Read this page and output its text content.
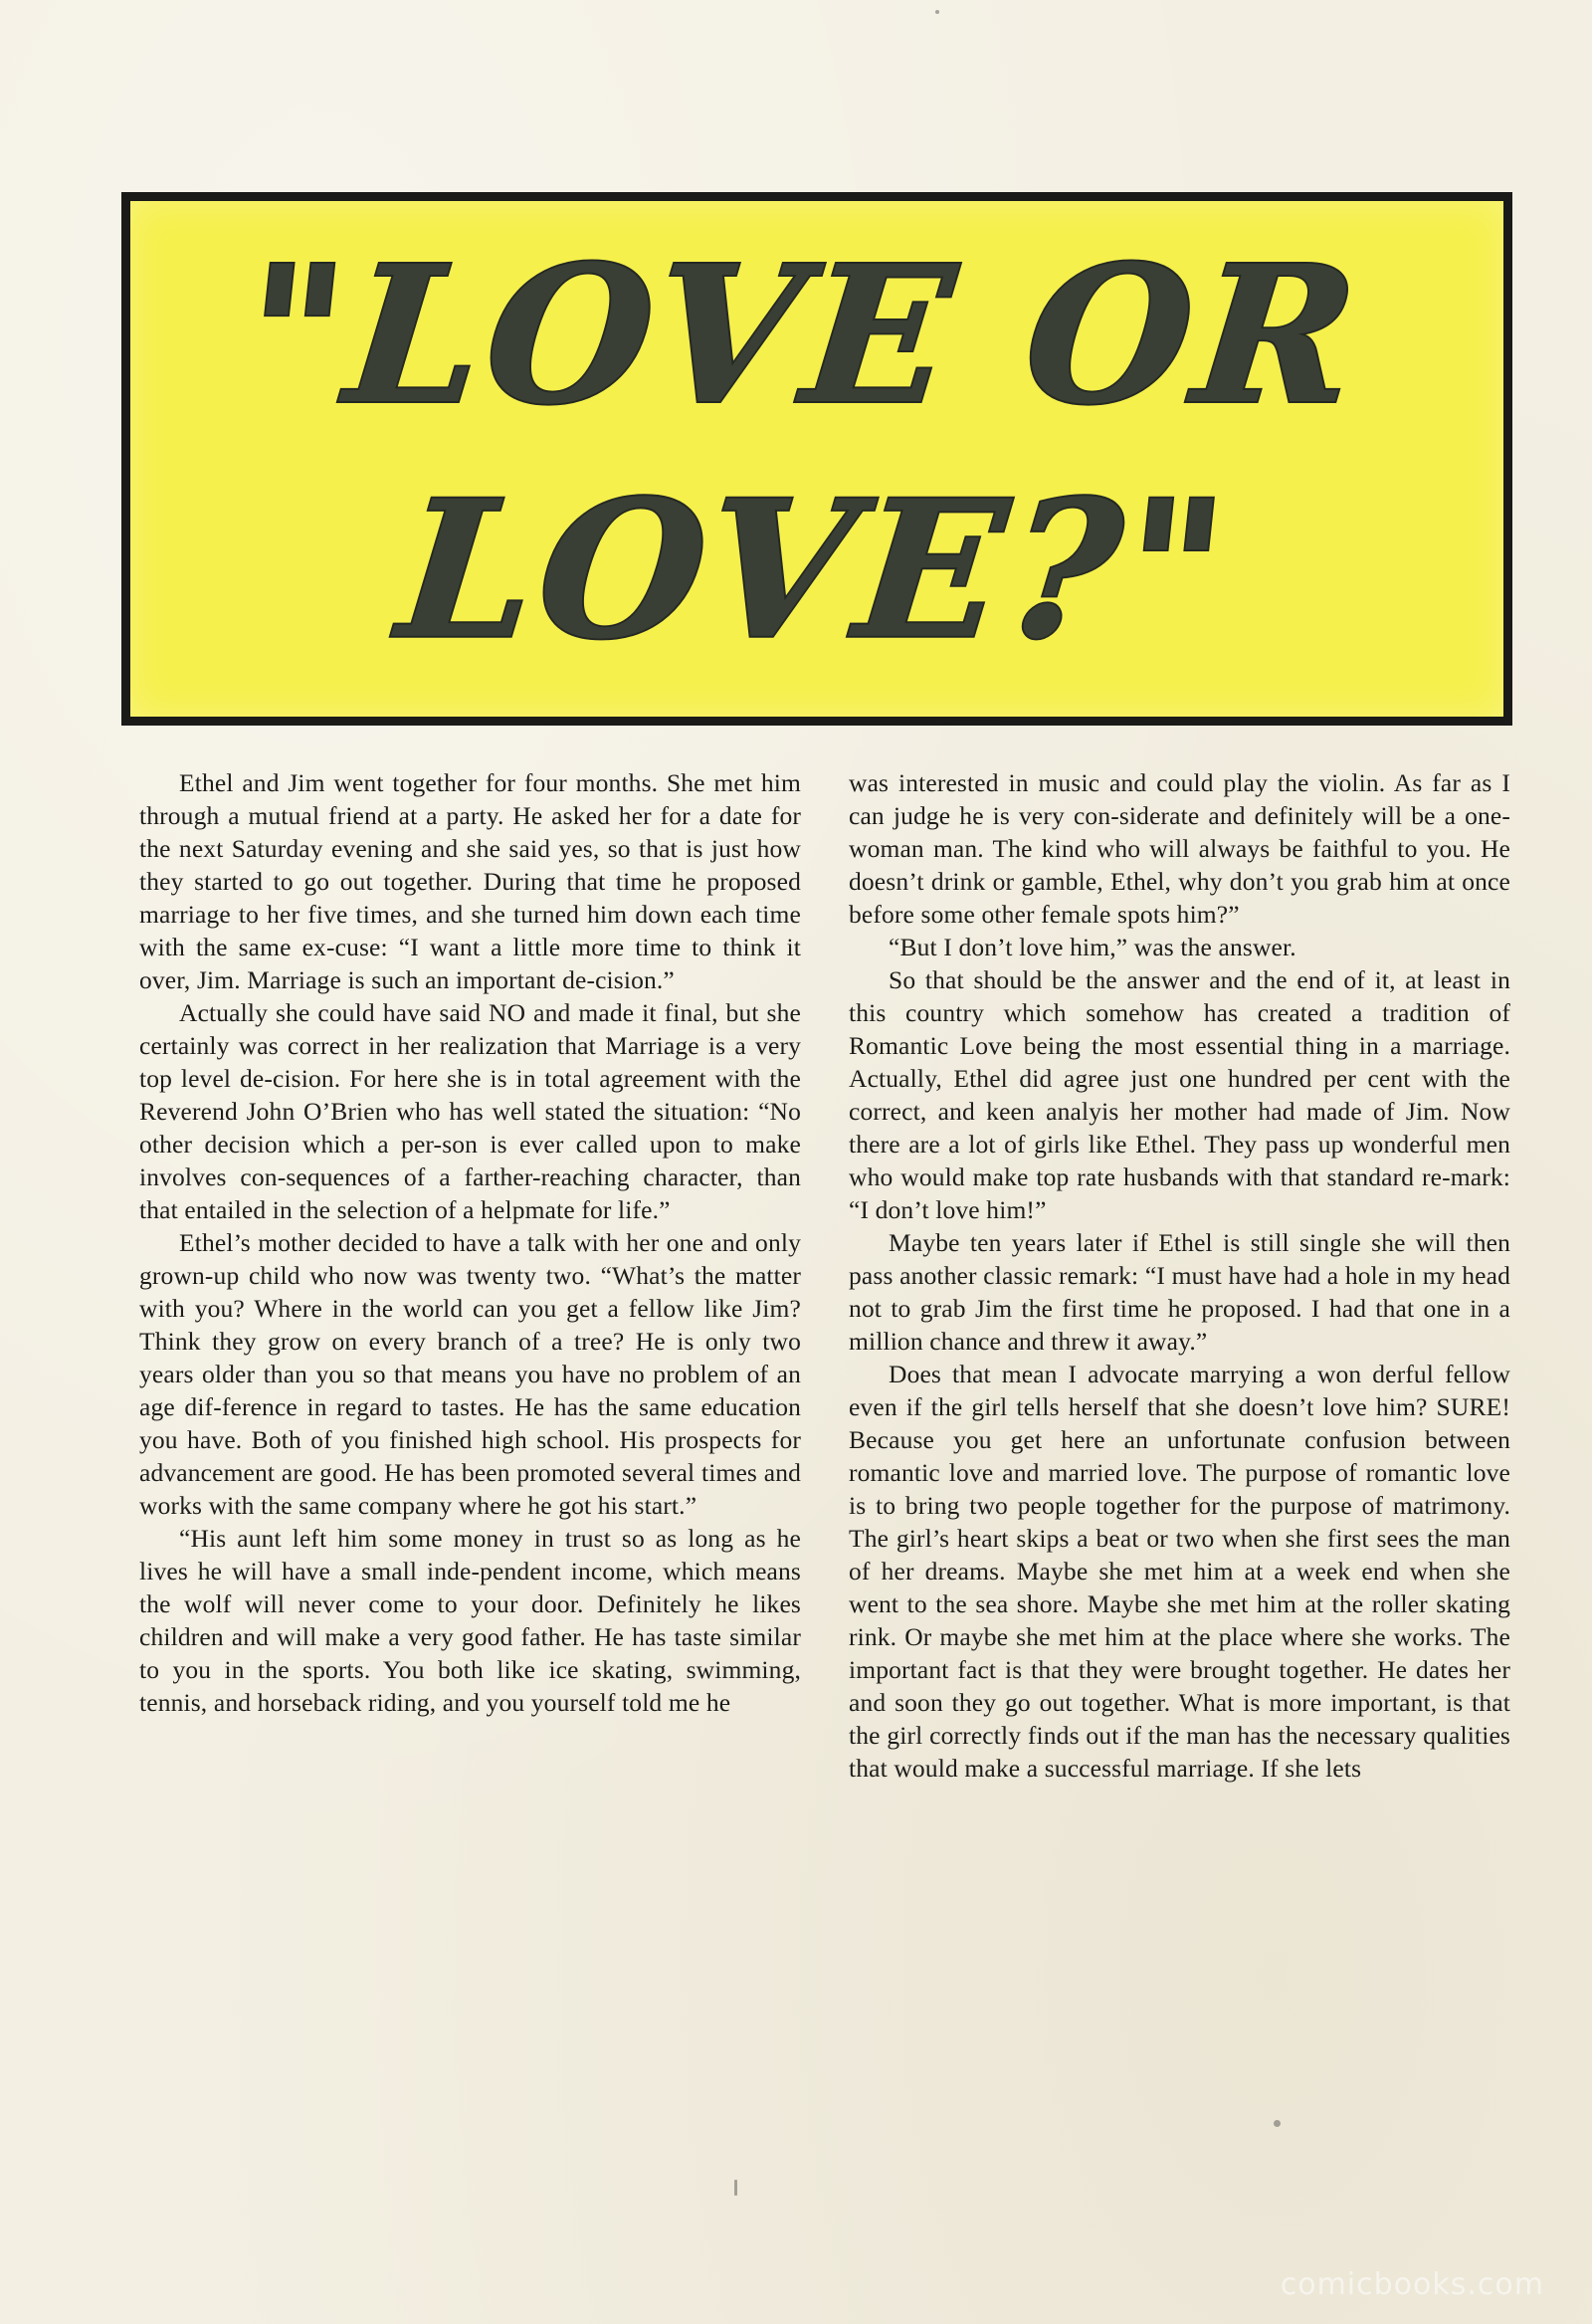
"LOVE OR
LOVE?"

Ethel and Jim went together for four months. She met him through a mutual friend at a party. He asked her for a date for the next Saturday evening and she said yes, so that is just how they started to go out together. During that time he proposed marriage to her five times, and she turned him down each time with the same ex-cuse: “I want a little more time to think it over, Jim. Marriage is such an important de-cision.”

Actually she could have said NO and made it final, but she certainly was correct in her realization that Marriage is a very top level de-cision. For here she is in total agreement with the Reverend John O’Brien who has well stated the situation: “No other decision which a per-son is ever called upon to make involves con-sequences of a farther-reaching character, than that entailed in the selection of a helpmate for life.”

Ethel’s mother decided to have a talk with her one and only grown-up child who now was twenty two. “What’s the matter with you? Where in the world can you get a fellow like Jim? Think they grow on every branch of a tree? He is only two years older than you so that means you have no problem of an age dif-ference in regard to tastes. He has the same education you have. Both of you finished high school. His prospects for advancement are good. He has been promoted several times and works with the same company where he got his start.”

“His aunt left him some money in trust so as long as he lives he will have a small inde-pendent income, which means the wolf will never come to your door. Definitely he likes children and will make a very good father. He has taste similar to you in the sports. You both like ice skating, swimming, tennis, and horseback riding, and you yourself told me he

was interested in music and could play the violin. As far as I can judge he is very con-siderate and definitely will be a one-woman man. The kind who will always be faithful to you. He doesn’t drink or gamble, Ethel, why don’t you grab him at once before some other female spots him?”

“But I don’t love him,” was the answer.

So that should be the answer and the end of it, at least in this country which somehow has created a tradition of Romantic Love being the most essential thing in a marriage. Actually, Ethel did agree just one hundred per cent with the correct, and keen analyis her mother had made of Jim. Now there are a lot of girls like Ethel. They pass up wonderful men who would make top rate husbands with that standard re-mark: “I don’t love him!”

Maybe ten years later if Ethel is still single she will then pass another classic remark: “I must have had a hole in my head not to grab Jim the first time he proposed. I had that one in a million chance and threw it away.”

Does that mean I advocate marrying a won derful fellow even if the girl tells herself that she doesn’t love him? SURE! Because you get here an unfortunate confusion between romantic love and married love. The purpose of romantic love is to bring two people together for the purpose of matrimony. The girl’s heart skips a beat or two when she first sees the man of her dreams. Maybe she met him at a week end when she went to the sea shore. Maybe she met him at the roller skating rink. Or maybe she met him at the place where she works. The important fact is that they were brought together. He dates her and soon they go out together. What is more important, is that the girl correctly finds out if the man has the necessary qualities that would make a successful marriage. If she lets

comicbooks.com
